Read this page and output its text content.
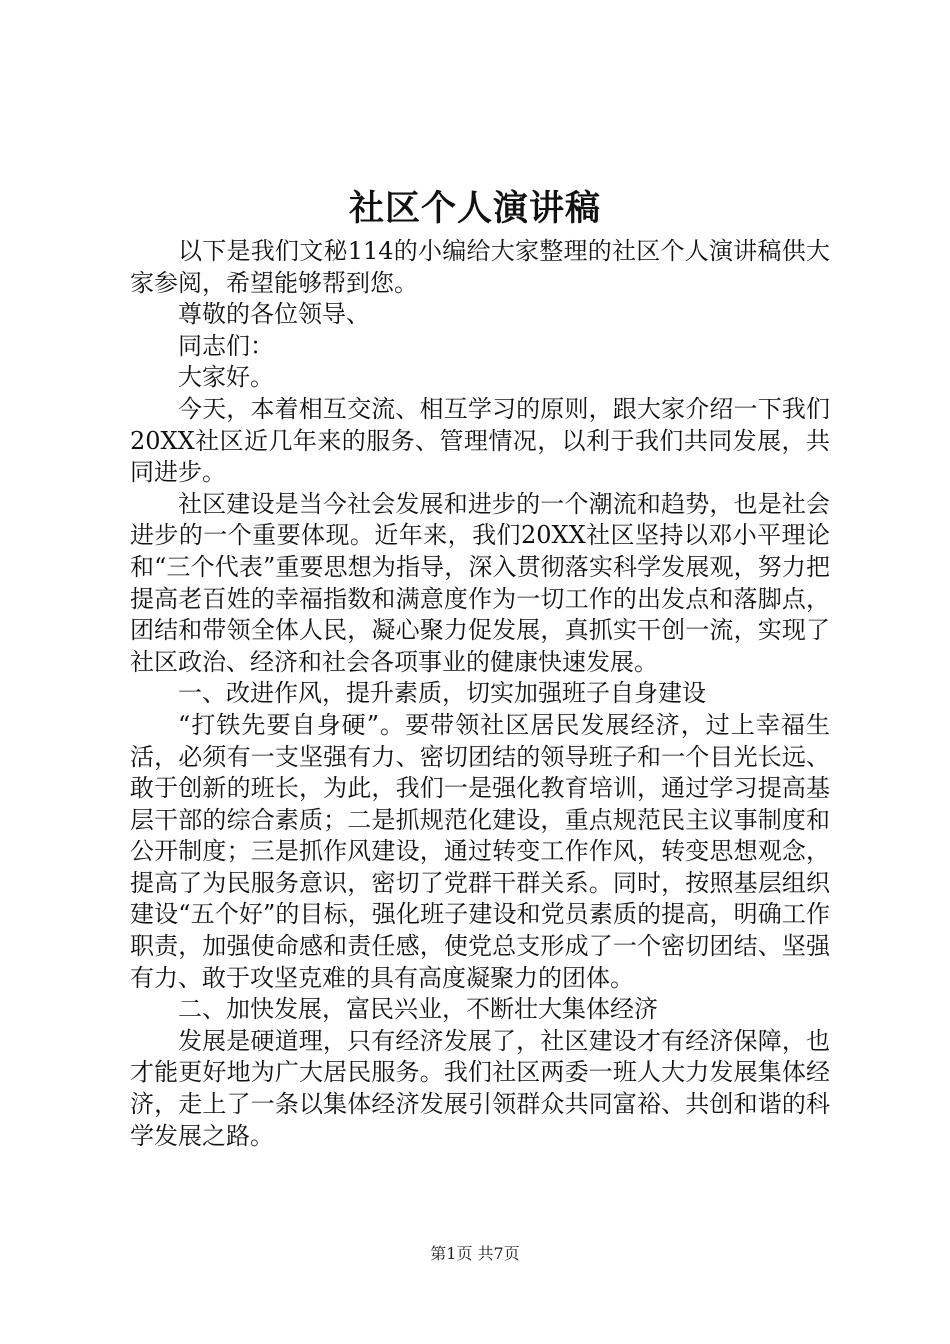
社区个人演讲稿

以下是我们文秘114的小编给大家整理的社区个人演讲稿供大家参阅，希望能够帮到您。

尊敬的各位领导、

同志们：

大家好。

今天，本着相互交流、相互学习的原则，跟大家介绍一下我们20XX社区近几年来的服务、管理情况，以利于我们共同发展，共同进步。

社区建设是当今社会发展和进步的一个潮流和趋势，也是社会进步的一个重要体现。近年来，我们20XX社区坚持以邓小平理论和“三个代表”重要思想为指导，深入贯彻落实科学发展观，努力把提高老百姓的幸福指数和满意度作为一切工作的出发点和落脚点，团结和带领全体人民，凝心聚力促发展，真抓实干创一流，实现了社区政治、经济和社会各项事业的健康快速发展。

一、改进作风，提升素质，切实加强班子自身建设

“打铁先要自身硬”。要带领社区居民发展经济，过上幸福生活，必须有一支坚强有力、密切团结的领导班子和一个目光长远、敢于创新的班长，为此，我们一是强化教育培训，通过学习提高基层干部的综合素质；二是抓规范化建设，重点规范民主议事制度和公开制度；三是抓作风建设，通过转变工作作风，转变思想观念，提高了为民服务意识，密切了党群干群关系。同时，按照基层组织建设“五个好”的目标，强化班子建设和党员素质的提高，明确工作职责，加强使命感和责任感，使党总支形成了一个密切团结、坚强有力、敢于攻坚克难的具有高度凝聚力的团体。

二、加快发展，富民兴业，不断壮大集体经济

发展是硬道理，只有经济发展了，社区建设才有经济保障，也才能更好地为广大居民服务。我们社区两委一班人大力发展集体经济，走上了一条以集体经济发展引领群众共同富裕、共创和谐的科学发展之路。

第1页 共7页
